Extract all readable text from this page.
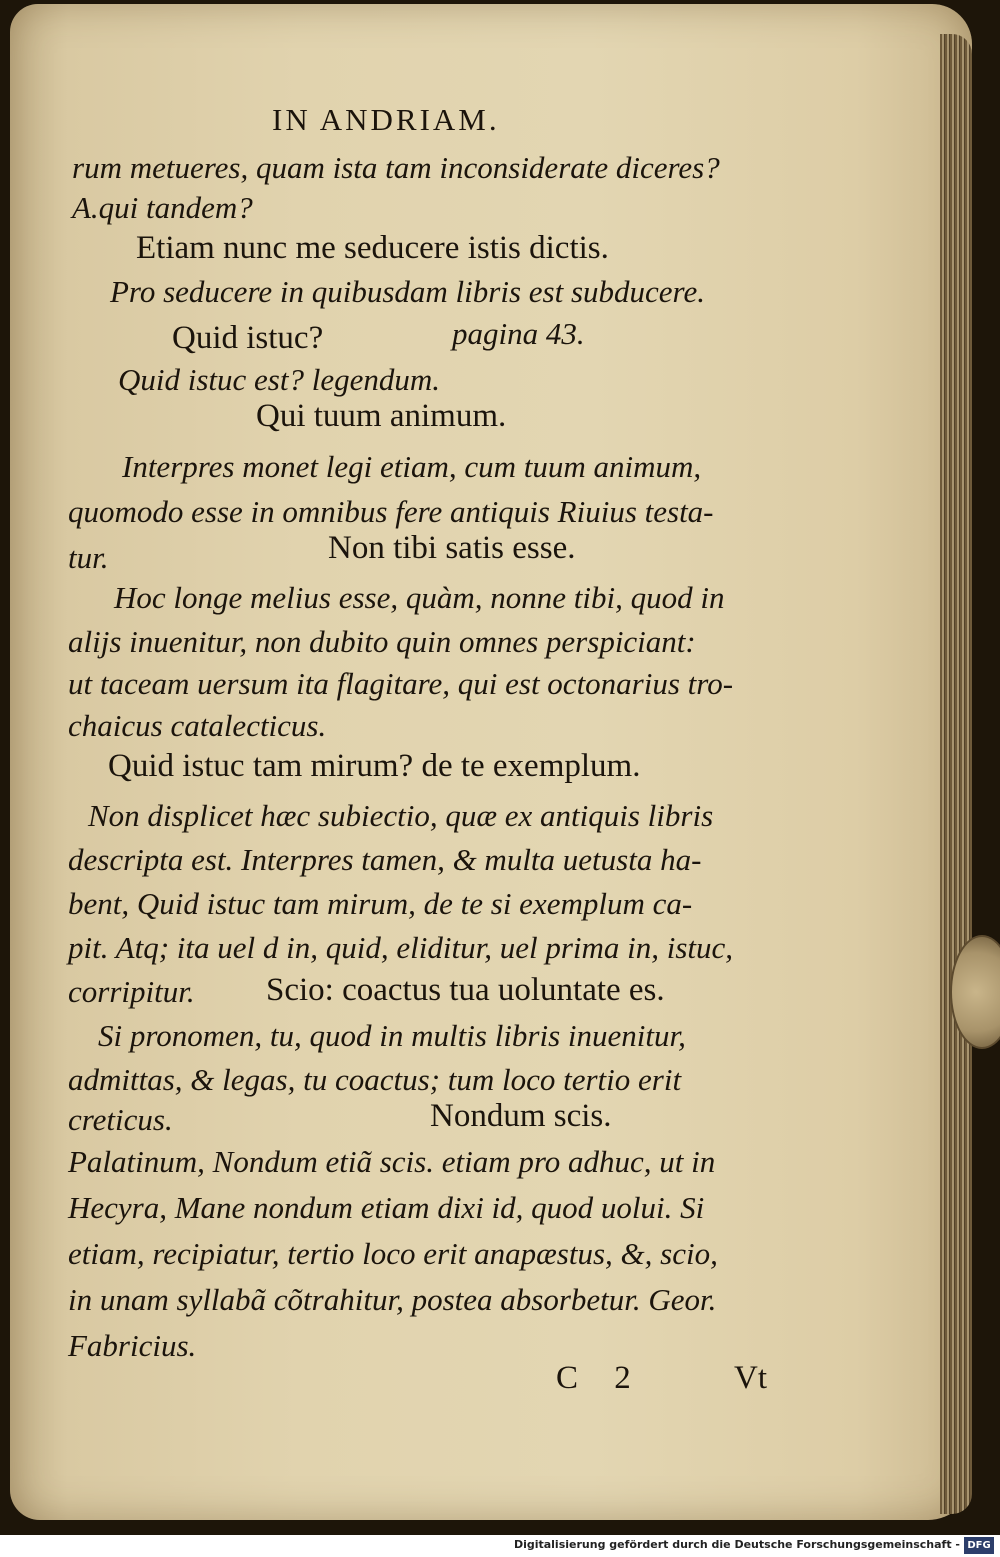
IN ANDRIAM.
rum metueres, quam ista tam inconsiderate diceres?
A.qui tandem?
Etiam nunc me seducere istis dictis.
Pro seducere in quibusdam libris est subducere.
Quid istuc?	pagina 43.
Quid istuc est? legendum.
Qui tuum animum.
Interpres monet legi etiam, cum tuum animum,
quomodo esse in omnibus fere antiquis Riuius testa-
tur.	Non tibi satis esse.
Hoc longe melius esse, quàm, nonne tibi, quod in
alijs inuenitur, non dubito quin omnes perspiciant:
ut taceam uersum ita flagitare, qui est octonarius tro-
chaicus catalecticus.
Quid istuc tam mirum? de te exemplum.
Non displicet hæc subiectio, quæ ex antiquis libris
descripta est. Interpres tamen, & multa uetusta ha-
bent, Quid istuc tam mirum, de te si exemplum ca-
pit. Atq; ita uel d in, quid, eliditur, uel prima in, istuc,
corripitur. Scio: coactus tua uoluntate es.
Si pronomen, tu, quod in multis libris inuenitur,
admittas, & legas, tu coactus; tum loco tertio erit
creticus.	Nondum scis.
Palatinum, Nondum etiã scis. etiam pro adhuc, ut in
Hecyra, Mane nondum etiam dixi id, quod uolui. Si
etiam, recipiatur, tertio loco erit anapæstus, &, scio,
in unam syllabã cõtrahitur, postea absorbetur. Geor.
Fabricius.
C 2	Vt
Digitalisierung gefördert durch die Deutsche Forschungsgemeinschaft - DFG
